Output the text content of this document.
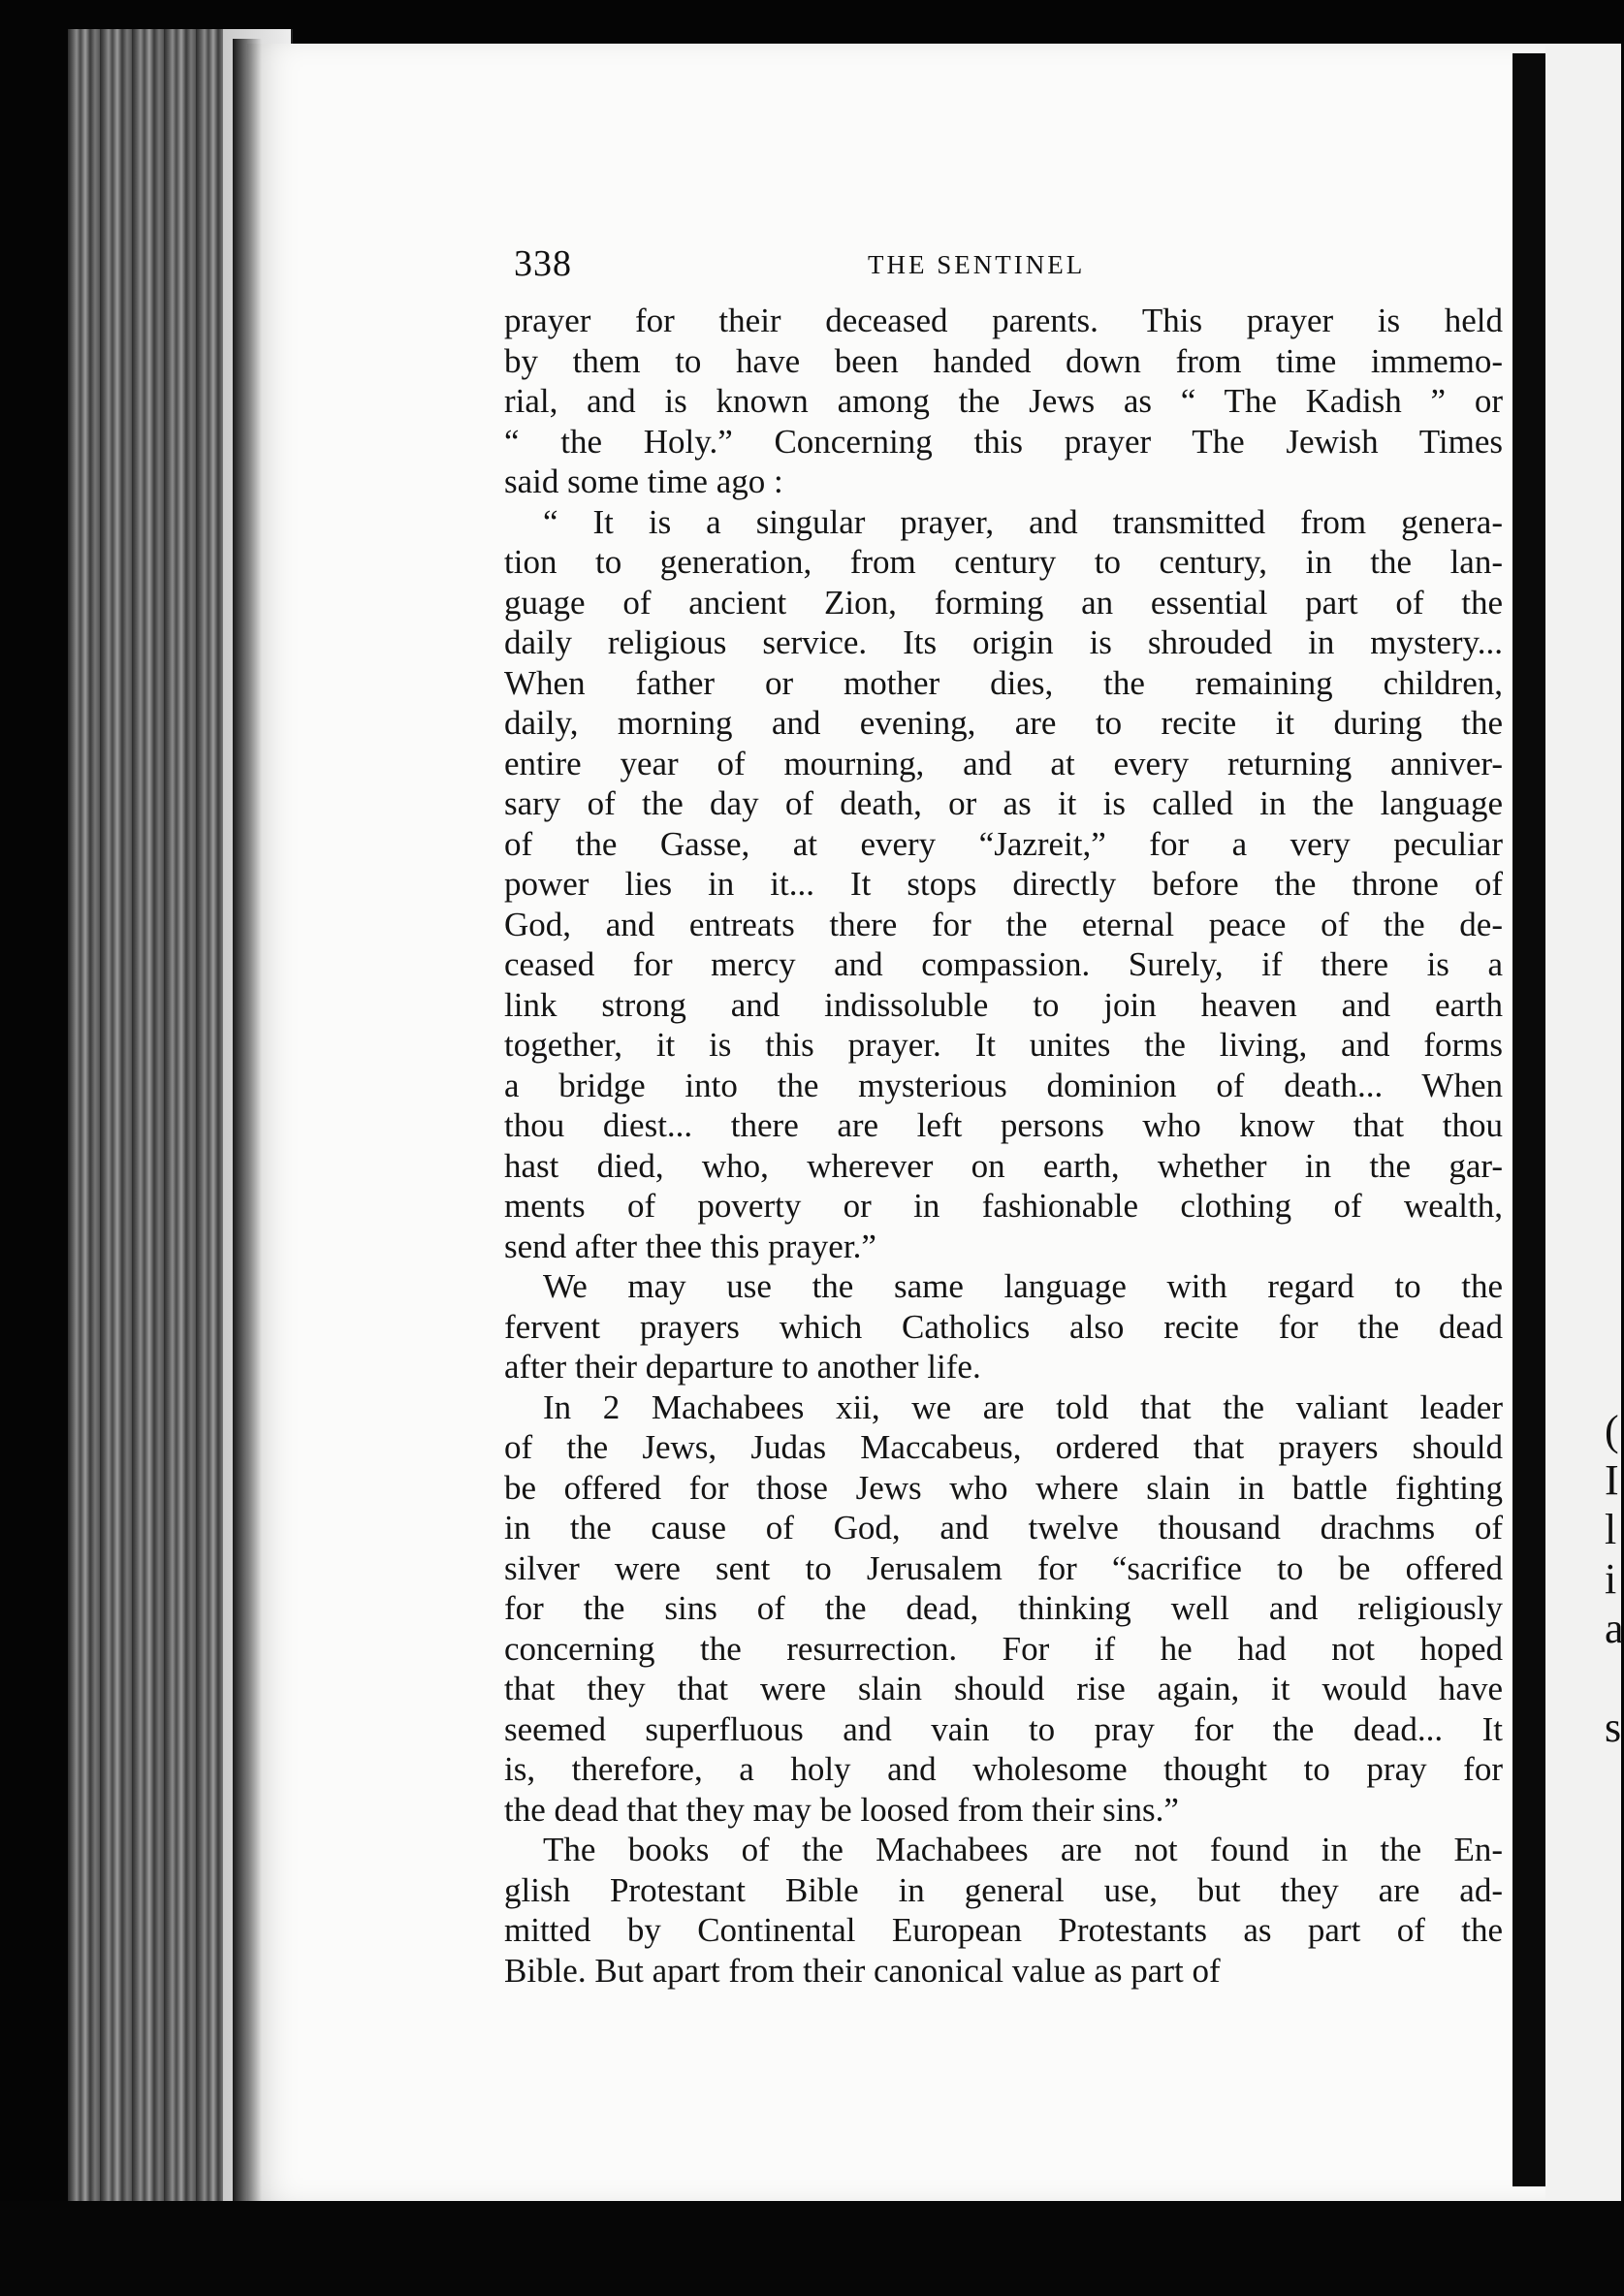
(
I
l
i
a
s
338	THE SENTINEL
prayer for their deceased parents. This prayer is held
by them to have been handed down from time immemo-
rial, and is known among the Jews as “ The Kadish ” or
“ the Holy.” Concerning this prayer The Jewish Times
said some time ago :
“ It is a singular prayer, and transmitted from genera-
tion to generation, from century to century, in the lan-
guage of ancient Zion, forming an essential part of the
daily religious service. Its origin is shrouded in mystery...
When father or mother dies, the remaining children,
daily, morning and evening, are to recite it during the
entire year of mourning, and at every returning anniver-
sary of the day of death, or as it is called in the language
of the Gasse, at every “Jazreit,” for a very peculiar
power lies in it... It stops directly before the throne of
God, and entreats there for the eternal peace of the de-
ceased for mercy and compassion. Surely, if there is a
link strong and indissoluble to join heaven and earth
together, it is this prayer. It unites the living, and forms
a bridge into the mysterious dominion of death... When
thou diest... there are left persons who know that thou
hast died, who, wherever on earth, whether in the gar-
ments of poverty or in fashionable clothing of wealth,
send after thee this prayer.”
We may use the same language with regard to the
fervent prayers which Catholics also recite for the dead
after their departure to another life.
In 2 Machabees xii, we are told that the valiant leader
of the Jews, Judas Maccabeus, ordered that prayers should
be offered for those Jews who where slain in battle fighting
in the cause of God, and twelve thousand drachms of
silver were sent to Jerusalem for “sacrifice to be offered
for the sins of the dead, thinking well and religiously
concerning the resurrection. For if he had not hoped
that they that were slain should rise again, it would have
seemed superfluous and vain to pray for the dead... It
is, therefore, a holy and wholesome thought to pray for
the dead that they may be loosed from their sins.”
The books of the Machabees are not found in the En-
glish Protestant Bible in general use, but they are ad-
mitted by Continental European Protestants as part of the
Bible. But apart from their canonical value as part of
